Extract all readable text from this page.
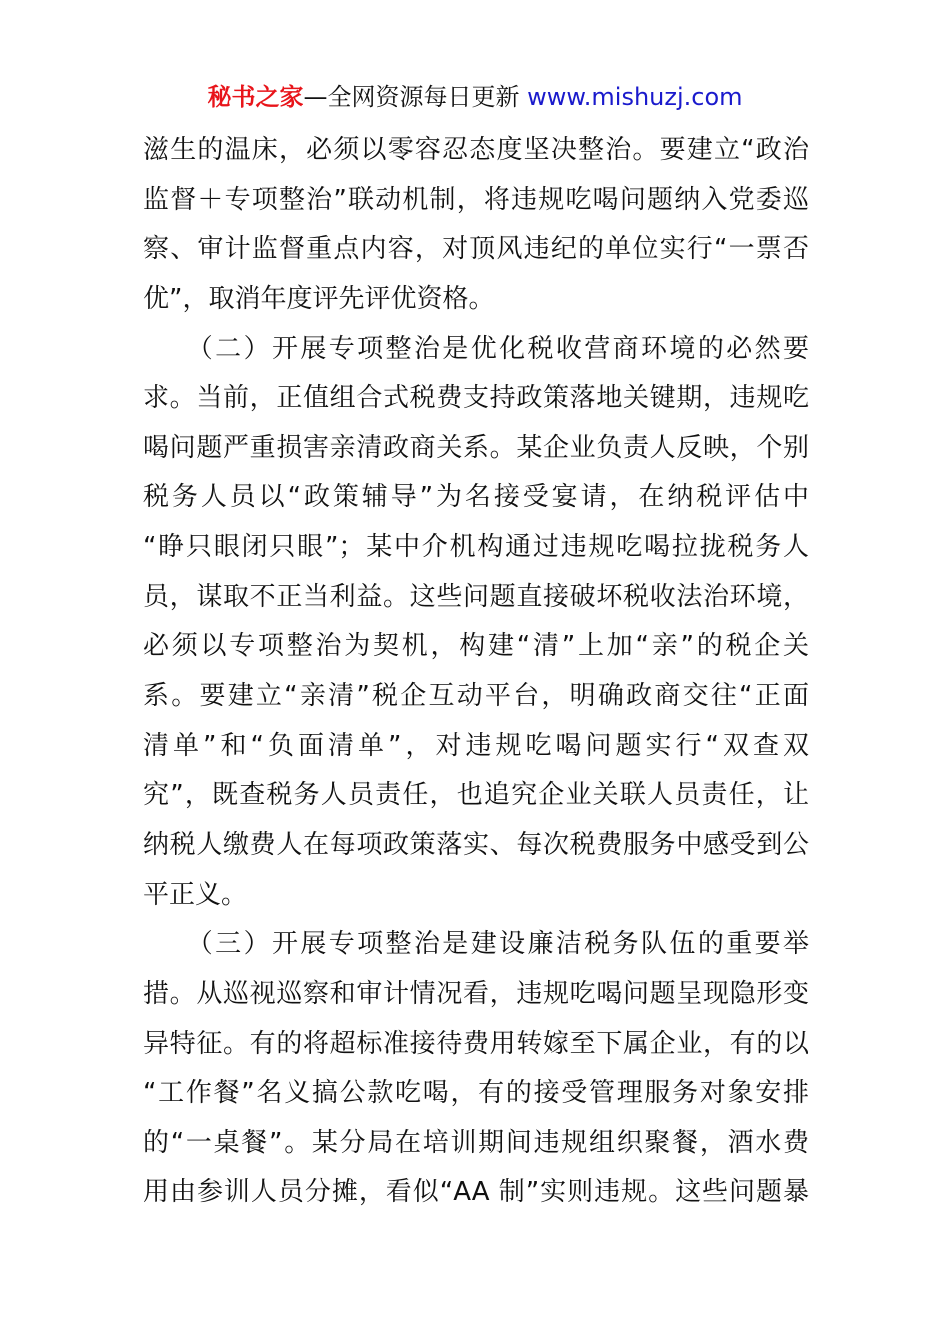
秘书之家—全网资源每日更新 www.mishuzj.com
滋生的温床，必须以零容忍态度坚决整治。要建立“政治
监督＋专项整治”联动机制，将违规吃喝问题纳入党委巡
察、审计监督重点内容，对顶风违纪的单位实行“一票否
优”，取消年度评先评优资格。
　　（二）开展专项整治是优化税收营商环境的必然要
求。当前，正值组合式税费支持政策落地关键期，违规吃
喝问题严重损害亲清政商关系。某企业负责人反映，个别
税务人员以“政策辅导”为名接受宴请，在纳税评估中
“睁只眼闭只眼”；某中介机构通过违规吃喝拉拢税务人
员，谋取不正当利益。这些问题直接破坏税收法治环境，
必须以专项整治为契机，构建“清”上加“亲”的税企关
系。要建立“亲清”税企互动平台，明确政商交往“正面
清单”和“负面清单”，对违规吃喝问题实行“双查双
究”，既查税务人员责任，也追究企业关联人员责任，让
纳税人缴费人在每项政策落实、每次税费服务中感受到公
平正义。
　　（三）开展专项整治是建设廉洁税务队伍的重要举
措。从巡视巡察和审计情况看，违规吃喝问题呈现隐形变
异特征。有的将超标准接待费用转嫁至下属企业，有的以
“工作餐”名义搞公款吃喝，有的接受管理服务对象安排
的“一桌餐”。某分局在培训期间违规组织聚餐，酒水费
用由参训人员分摊，看似“AA 制”实则违规。这些问题暴
